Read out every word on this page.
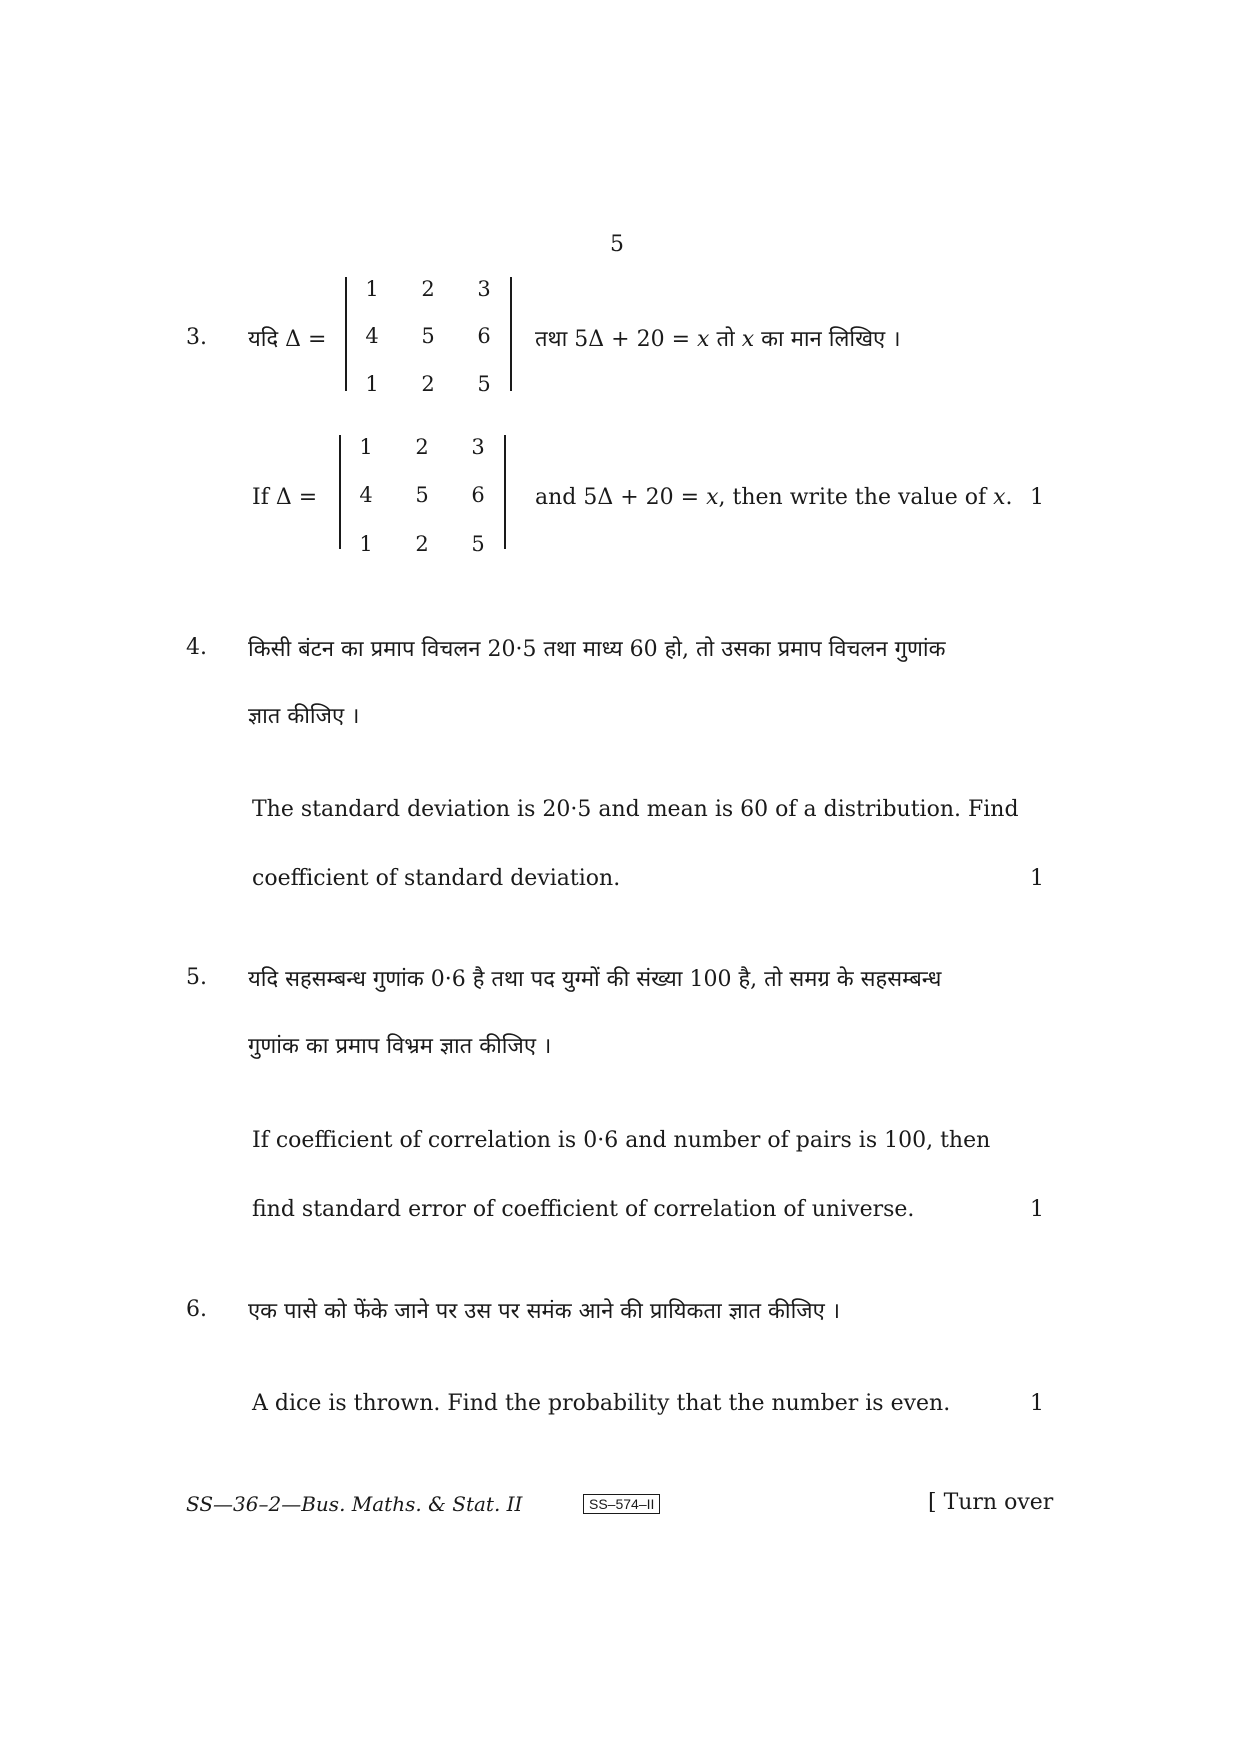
5
3. यदि Δ =
1	2	3
4	5	6
1	2	5
तथा 5Δ + 20 = x तो x का मान लिखिए ।
If Δ =
1	2	3
4	5	6
1	2	5
and 5Δ + 20 = x, then write the value of x. 1
4. किसी बंटन का प्रमाप विचलन 20·5 तथा माध्य 60 हो, तो उसका प्रमाप विचलन गुणांक
ज्ञात कीजिए ।
The standard deviation is 20·5 and mean is 60 of a distribution. Find
coefficient of standard deviation.	1
5. यदि सहसम्बन्ध गुणांक 0·6 है तथा पद युग्मों की संख्या 100 है, तो समग्र के सहसम्बन्ध
गुणांक का प्रमाप विभ्रम ज्ञात कीजिए ।
If coefficient of correlation is 0·6 and number of pairs is 100, then
find standard error of coefficient of correlation of universe.	1
6. एक पासे को फेंके जाने पर उस पर समंक आने की प्रायिकता ज्ञात कीजिए ।
A dice is thrown. Find the probability that the number is even.	1
SS—36–2—Bus. Maths. & Stat. II	SS–574–II	[ Turn over
